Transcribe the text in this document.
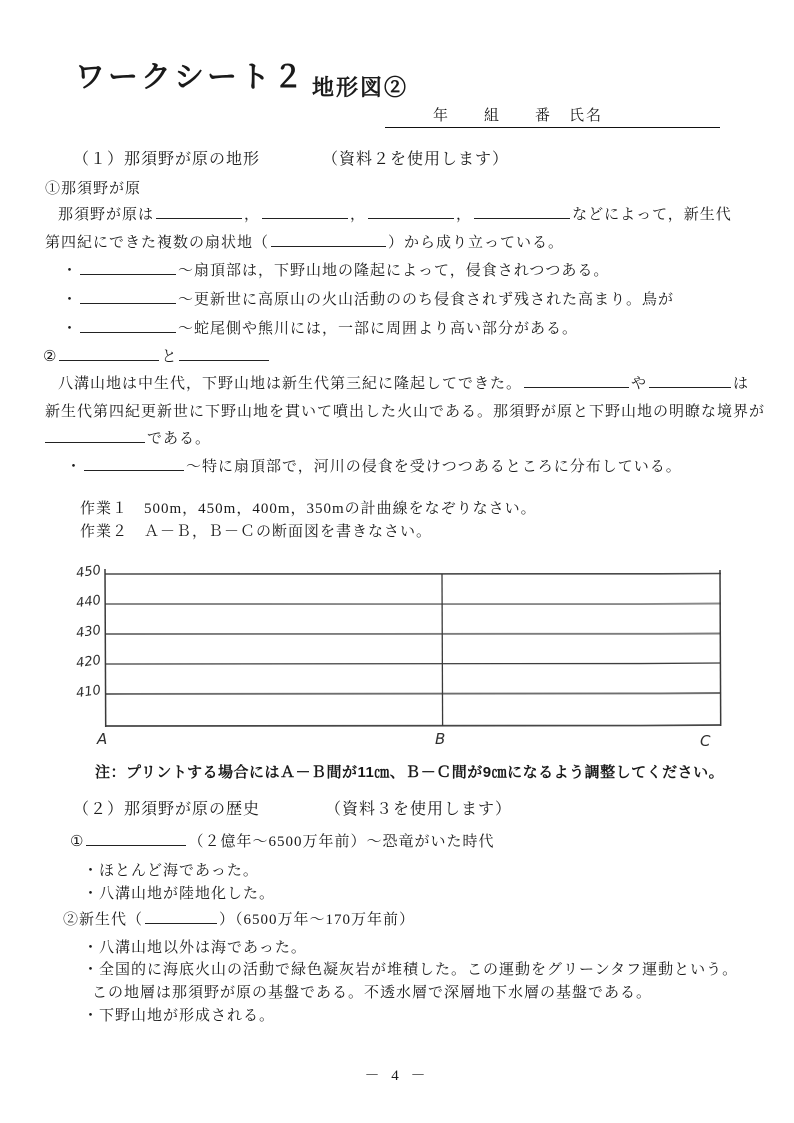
ワークシート２ 地形図②
年　　組　　番　氏名
（１）那須野が原の地形	（資料２を使用します）
①那須野が原
那須野が原は	，	，	，	などによって，新生代
第四紀にできた複数の扇状地（	）から成り立っている。
・	～扇頂部は，下野山地の隆起によって，侵食されつつある。
・	～更新世に高原山の火山活動ののち侵食されず残された高まり。鳥が
・	～蛇尾側や熊川には，一部に周囲より高い部分がある。
②	と
八溝山地は中生代，下野山地は新生代第三紀に隆起してできた。	や	は
新生代第四紀更新世に下野山地を貫いて噴出した火山である。那須野が原と下野山地の明瞭な境界が
である。
・	～特に扇頂部で，河川の侵食を受けつつあるところに分布している。
作業１　500m，450m，400m，350mの計曲線をなぞりなさい。
作業２　Ａ－Ｂ，Ｂ－Ｃの断面図を書きなさい。
450
440
430
420
410
A	B	C
注：プリントする場合にはＡ－Ｂ間が11㎝、Ｂ－Ｃ間が9㎝になるよう調整してください。
（２）那須野が原の歴史	（資料３を使用します）
①	（２億年～6500万年前）～恐竜がいた時代
・ほとんど海であった。
・八溝山地が陸地化した。
②新生代（	）（6500万年～170万年前）
・八溝山地以外は海であった。
・全国的に海底火山の活動で緑色凝灰岩が堆積した。この運動をグリーンタフ運動という。
この地層は那須野が原の基盤である。不透水層で深層地下水層の基盤である。
・下野山地が形成される。
－ 4 －
